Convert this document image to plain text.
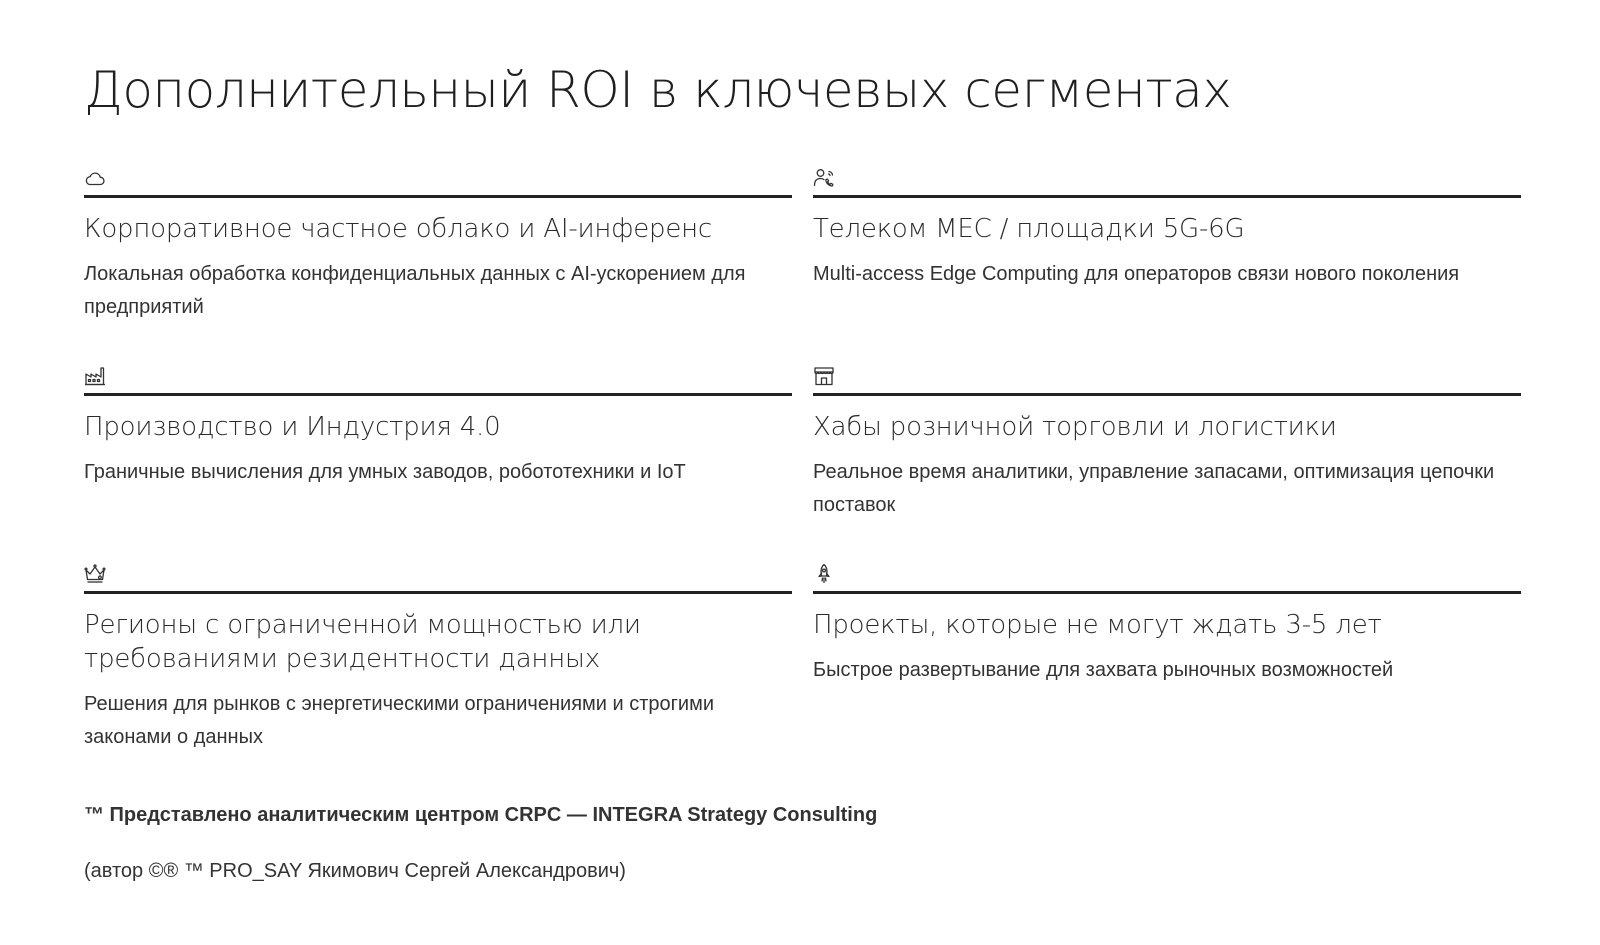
Дополнительный ROI в ключевых сегментах
Корпоративное частное облако и AI-инференс
Локальная обработка конфиденциальных данных с AI-ускорением для предприятий
Телеком MEC / площадки 5G-6G
Multi-access Edge Computing для операторов связи нового поколения
Производство и Индустрия 4.0
Граничные вычисления для умных заводов, робототехники и IoT
Хабы розничной торговли и логистики
Реальное время аналитики, управление запасами, оптимизация цепочки поставок
Регионы с ограниченной мощностью или требованиями резидентности данных
Решения для рынков с энергетическими ограничениями и строгими законами о данных
Проекты, которые не могут ждать 3-5 лет
Быстрое развертывание для захвата рыночных возможностей
™ Представлено аналитическим центром CRPC — INTEGRA Strategy Consulting
(автор ©® ™ PRO_SAY Якимович Сергей Александрович)
